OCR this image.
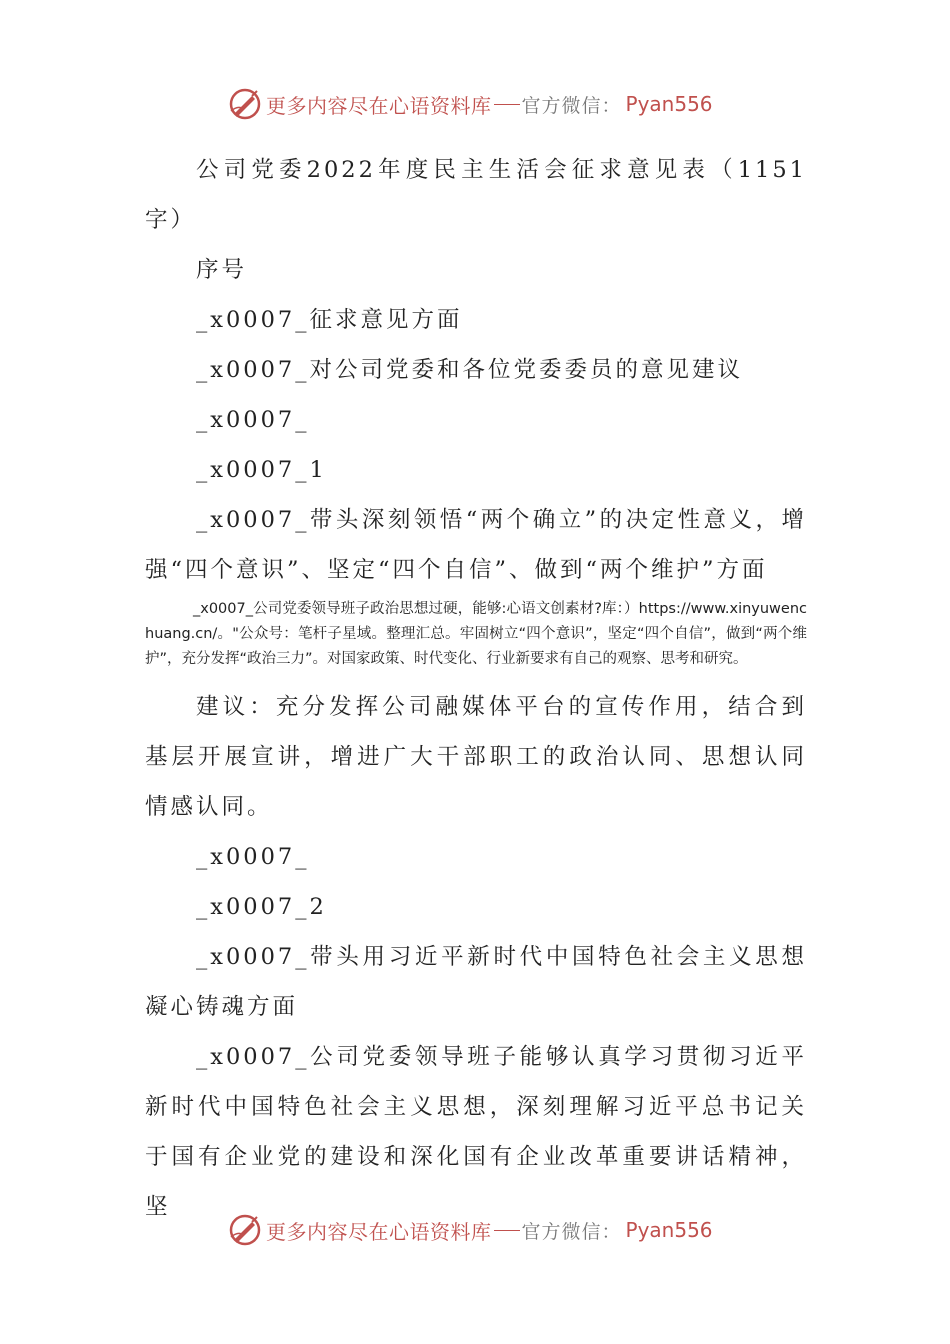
更多内容尽在心语资料库 官方微信： Pyan556

公司党委2022年度民主生活会征求意见表（1151字）

序号

_x0007_征求意见方面

_x0007_对公司党委和各位党委委员的意见建议

_x0007_

_x0007_1

_x0007_带头深刻领悟“两个确立”的决定性意义，增强“四个意识”、坚定“四个自信”、做到“两个维护”方面

_x0007_公司党委领导班子政治思想过硬，能够:心语文创素材?库：）https://www.xinyuwenchuang.cn/。"公众号：笔杆子星域。整理汇总。牢固树立“四个意识”，坚定“四个自信”，做到“两个维护”，充分发挥“政治三力”。对国家政策、时代变化、行业新要求有自己的观察、思考和研究。

建议：充分发挥公司融媒体平台的宣传作用，结合到基层开展宣讲，增进广大干部职工的政治认同、思想认同情感认同。

_x0007_

_x0007_2

_x0007_带头用习近平新时代中国特色社会主义思想凝心铸魂方面

_x0007_公司党委领导班子能够认真学习贯彻习近平新时代中国特色社会主义思想，深刻理解习近平总书记关于国有企业党的建设和深化国有企业改革重要讲话精神，坚

更多内容尽在心语资料库 官方微信： Pyan556
